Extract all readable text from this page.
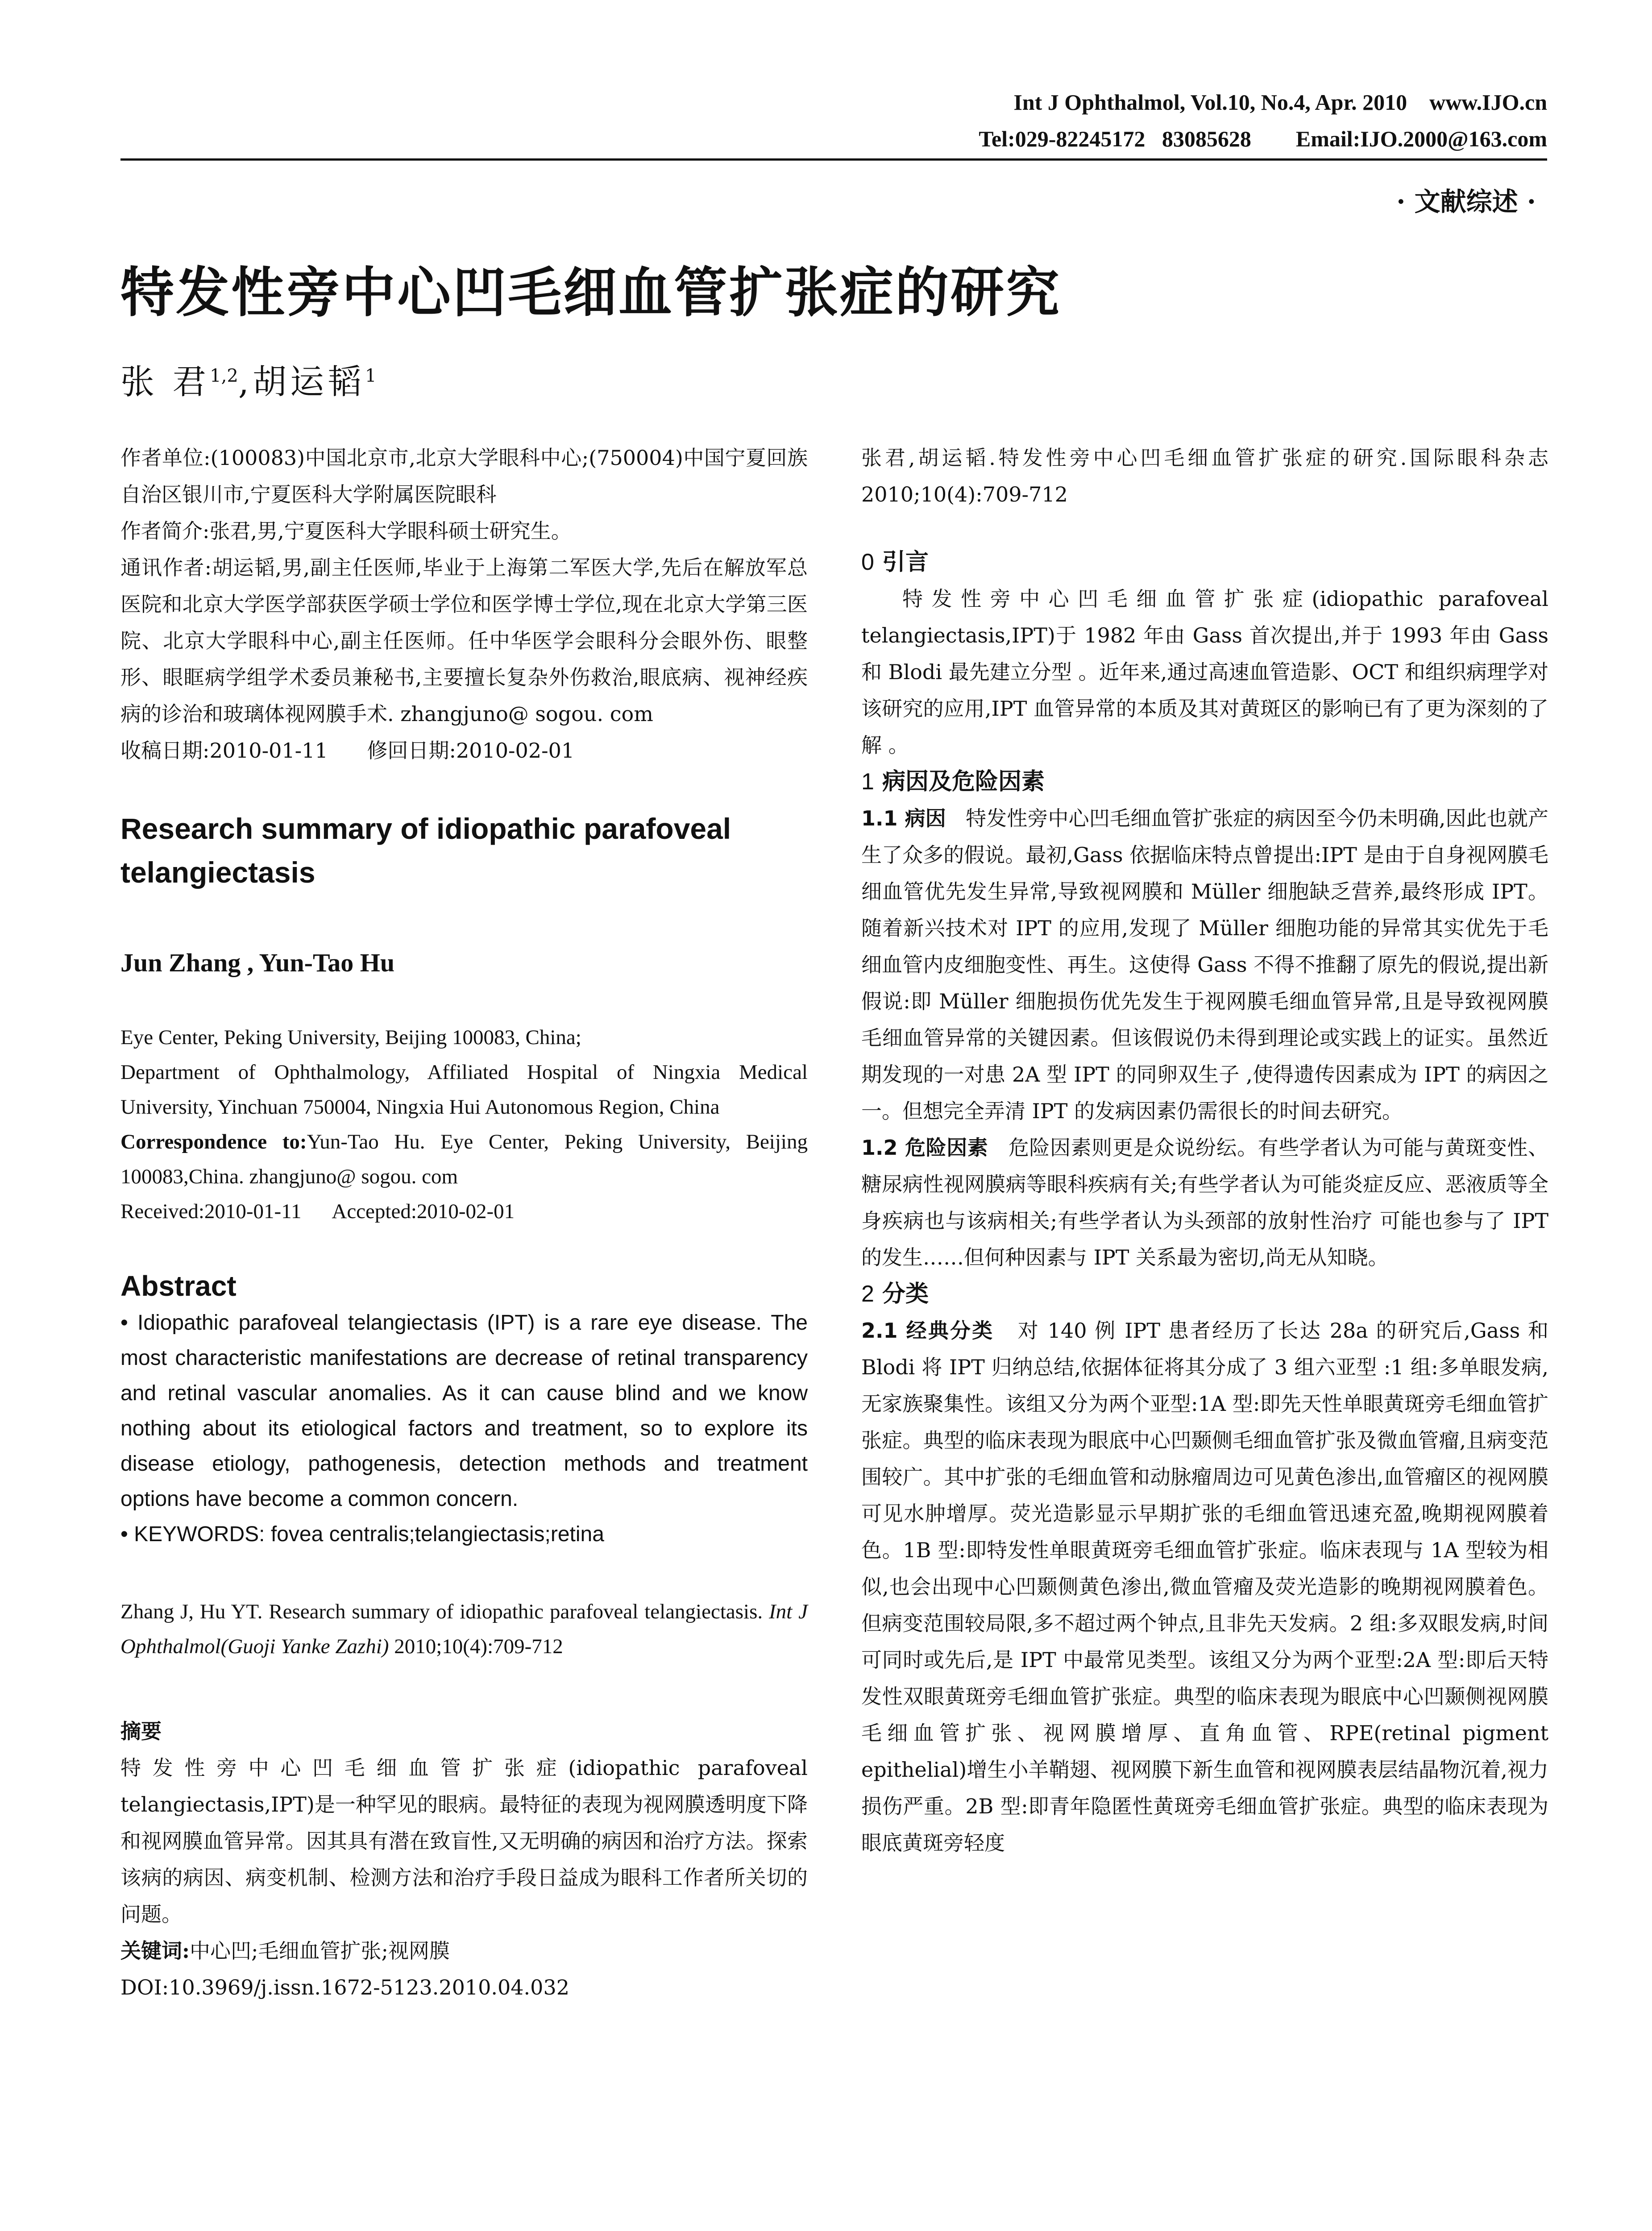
Int J Ophthalmol, Vol.10, No.4, Apr. 2010    www.IJO.cn
Tel:029-82245172   83085628        Email:IJO.2000@163.com
· 文献综述 ·
特发性旁中心凹毛细血管扩张症的研究
张 君$^{1,2}$,胡运韬$^1$

作者单位:(100083)中国北京市,北京大学眼科中心;(750004)中国宁夏回族自治区银川市,宁夏医科大学附属医院眼科

作者简介:张君,男,宁夏医科大学眼科硕士研究生。

通讯作者:胡运韬,男,副主任医师,毕业于上海第二军医大学,先后在解放军总医院和北京大学医学部获医学硕士学位和医学博士学位,现在北京大学第三医院、北京大学眼科中心,副主任医师。任中华医学会眼科分会眼外伤、眼整形、眼眶病学组学术委员兼秘书,主要擅长复杂外伤救治,眼底病、视神经疾病的诊治和玻璃体视网膜手术. zhangjuno@ sogou. com

收稿日期:2010-01-11      修回日期:2010-02-01

Research summary of idiopathic parafoveal telangiectasis

Jun Zhang , Yun-Tao Hu

Eye Center, Peking University, Beijing 100083, China;

Department of Ophthalmology, Affiliated Hospital of Ningxia Medical University, Yinchuan 750004, Ningxia Hui Autonomous Region, China

Correspondence to:Yun-Tao Hu. Eye Center, Peking University, Beijing 100083,China. zhangjuno@ sogou. com

Received:2010-01-11      Accepted:2010-02-01

Abstract

• Idiopathic parafoveal telangiectasis (IPT) is a rare eye disease. The most characteristic manifestations are decrease of retinal transparency and retinal vascular anomalies. As it can cause blind and we know nothing about its etiological factors and treatment, so to explore its disease etiology, pathogenesis, detection methods and treatment options have become a common concern.

• KEYWORDS: fovea centralis;telangiectasis;retina

Zhang J, Hu YT. Research summary of idiopathic parafoveal telangiectasis. Int J Ophthalmol(Guoji Yanke Zazhi) 2010;10(4):709-712

摘要

特发性旁中心凹毛细血管扩张症(idiopathic parafoveal telangiectasis,IPT)是一种罕见的眼病。最特征的表现为视网膜透明度下降和视网膜血管异常。因其具有潜在致盲性,又无明确的病因和治疗方法。探索该病的病因、病变机制、检测方法和治疗手段日益成为眼科工作者所关切的问题。

关键词:中心凹;毛细血管扩张;视网膜

DOI:10.3969/j.issn.1672-5123.2010.04.032

张君,胡运韬.特发性旁中心凹毛细血管扩张症的研究.国际眼科杂志 2010;10(4):709-712

0 引言

特发性旁中心凹毛细血管扩张症(idiopathic parafoveal telangiectasis,IPT)于 1982 年由 Gass 首次提出,并于 1993 年由 Gass 和 Blodi 最先建立分型 。近年来,通过高速血管造影、OCT 和组织病理学对该研究的应用,IPT 血管异常的本质及其对黄斑区的影响已有了更为深刻的了解 。

1 病因及危险因素

1.1 病因 特发性旁中心凹毛细血管扩张症的病因至今仍未明确,因此也就产生了众多的假说。最初,Gass 依据临床特点曾提出:IPT 是由于自身视网膜毛细血管优先发生异常,导致视网膜和 Müller 细胞缺乏营养,最终形成 IPT。随着新兴技术对 IPT 的应用,发现了 Müller 细胞功能的异常其实优先于毛细血管内皮细胞变性、再生。这使得 Gass 不得不推翻了原先的假说,提出新假说:即 Müller 细胞损伤优先发生于视网膜毛细血管异常,且是导致视网膜毛细血管异常的关键因素。但该假说仍未得到理论或实践上的证实。虽然近期发现的一对患 2A 型 IPT 的同卵双生子 ,使得遗传因素成为 IPT 的病因之一。但想完全弄清 IPT 的发病因素仍需很长的时间去研究。

1.2 危险因素 危险因素则更是众说纷纭。有些学者认为可能与黄斑变性、糖尿病性视网膜病等眼科疾病有关;有些学者认为可能炎症反应、恶液质等全身疾病也与该病相关;有些学者认为头颈部的放射性治疗 可能也参与了 IPT 的发生……但何种因素与 IPT 关系最为密切,尚无从知晓。

2 分类

2.1 经典分类 对 140 例 IPT 患者经历了长达 28a 的研究后,Gass 和 Blodi 将 IPT 归纳总结,依据体征将其分成了 3 组六亚型 :1 组:多单眼发病,无家族聚集性。该组又分为两个亚型:1A 型:即先天性单眼黄斑旁毛细血管扩张症。典型的临床表现为眼底中心凹颞侧毛细血管扩张及微血管瘤,且病变范围较广。其中扩张的毛细血管和动脉瘤周边可见黄色渗出,血管瘤区的视网膜可见水肿增厚。荧光造影显示早期扩张的毛细血管迅速充盈,晚期视网膜着色。1B 型:即特发性单眼黄斑旁毛细血管扩张症。临床表现与 1A 型较为相似,也会出现中心凹颞侧黄色渗出,微血管瘤及荧光造影的晚期视网膜着色。但病变范围较局限,多不超过两个钟点,且非先天发病。2 组:多双眼发病,时间可同时或先后,是 IPT 中最常见类型。该组又分为两个亚型:2A 型:即后天特发性双眼黄斑旁毛细血管扩张症。典型的临床表现为眼底中心凹颞侧视网膜毛细血管扩张、视网膜增厚、直角血管、RPE(retinal pigment epithelial)增生小羊鞘翅、视网膜下新生血管和视网膜表层结晶物沉着,视力损伤严重。2B 型:即青年隐匿性黄斑旁毛细血管扩张症。典型的临床表现为眼底黄斑旁轻度
